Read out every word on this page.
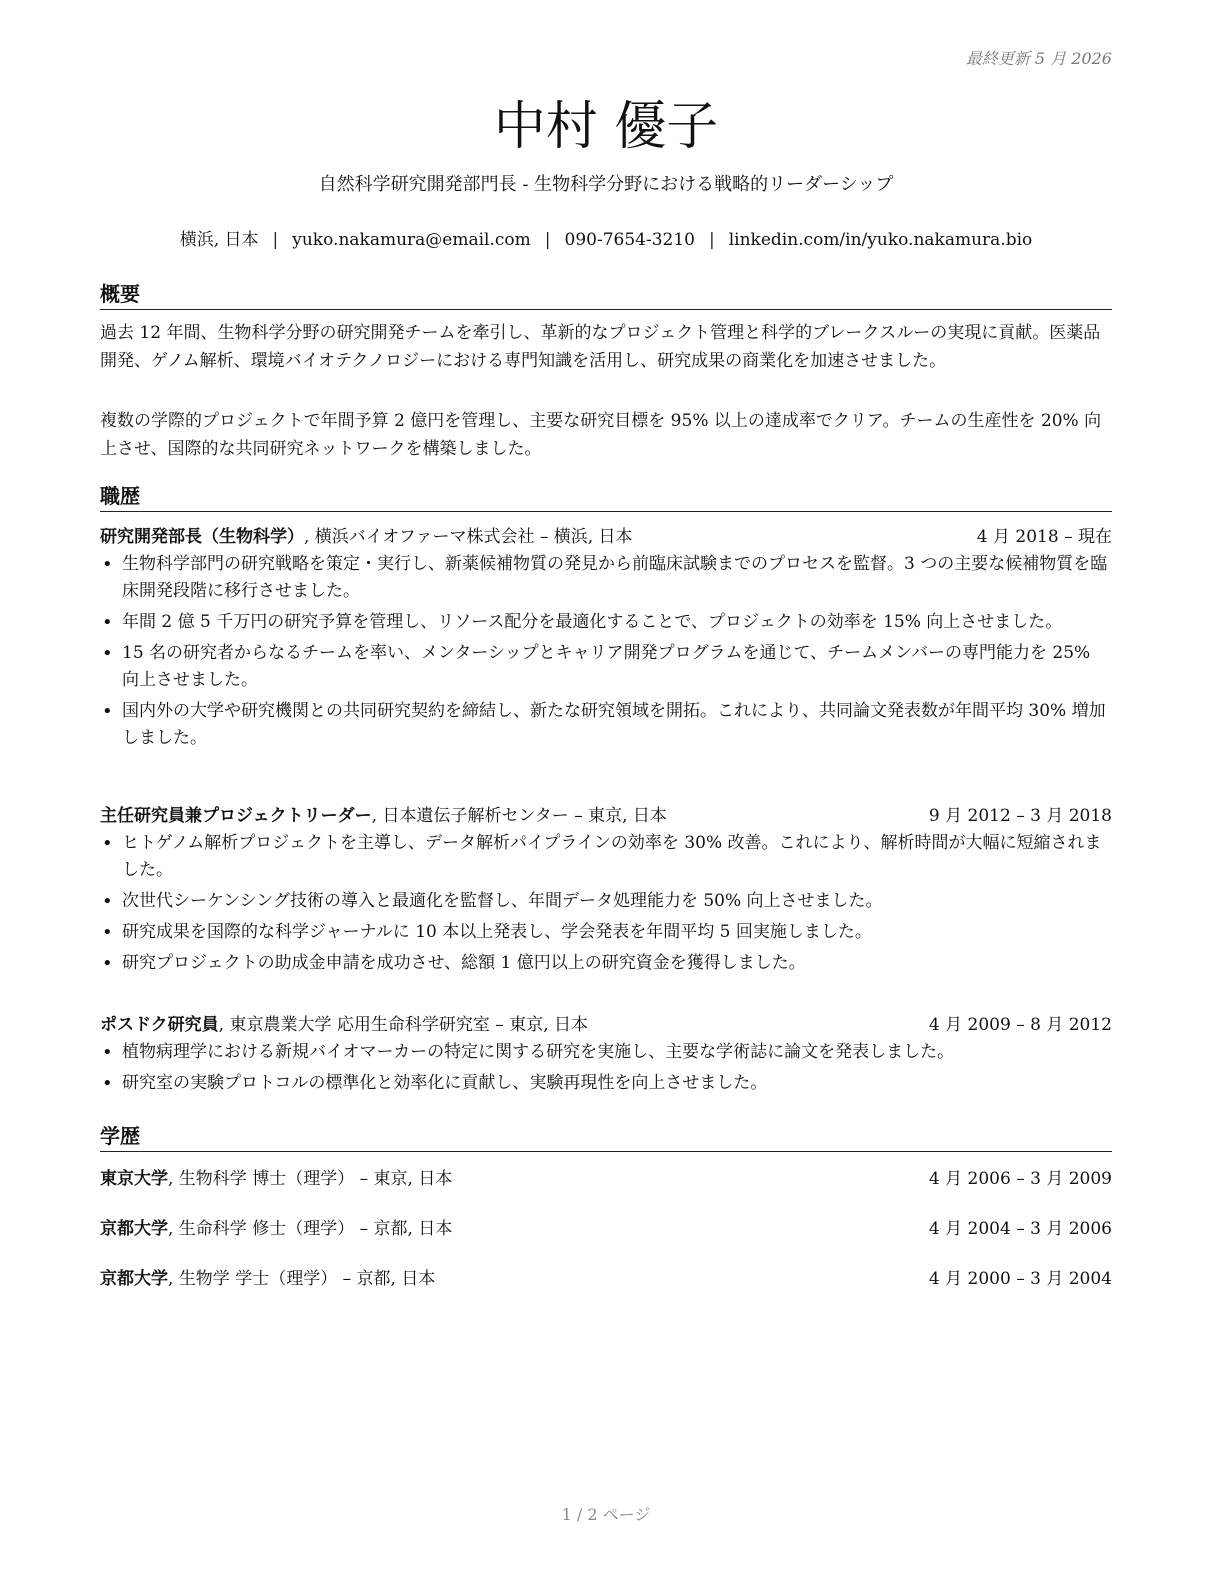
最終更新 5 月 2026
中村 優子
自然科学研究開発部門長 - 生物科学分野における戦略的リーダーシップ
横浜, 日本 | yuko.nakamura@email.com | 090-7654-3210 | linkedin.com/in/yuko.nakamura.bio
概要

過去 12 年間、生物科学分野の研究開発チームを牽引し、革新的なプロジェクト管理と科学的ブレークスルーの実現に貢献。医薬品開発、ゲノム解析、環境バイオテクノロジーにおける専門知識を活用し、研究成果の商業化を加速させました。

複数の学際的プロジェクトで年間予算 2 億円を管理し、主要な研究目標を 95% 以上の達成率でクリア。チームの生産性を 20% 向上させ、国際的な共同研究ネットワークを構築しました。

職歴
研究開発部長（生物科学）, 横浜バイオファーマ株式会社 – 横浜, 日本	4 月 2018 – 現在
• 生物科学部門の研究戦略を策定・実行し、新薬候補物質の発見から前臨床試験までのプロセスを監督。3 つの主要な候補物質を臨床開発段階に移行させました。
• 年間 2 億 5 千万円の研究予算を管理し、リソース配分を最適化することで、プロジェクトの効率を 15% 向上させました。
• 15 名の研究者からなるチームを率い、メンターシップとキャリア開発プログラムを通じて、チームメンバーの専門能力を 25% 向上させました。
• 国内外の大学や研究機関との共同研究契約を締結し、新たな研究領域を開拓。これにより、共同論文発表数が年間平均 30% 増加しました。
主任研究員兼プロジェクトリーダー, 日本遺伝子解析センター – 東京, 日本	9 月 2012 – 3 月 2018
• ヒトゲノム解析プロジェクトを主導し、データ解析パイプラインの効率を 30% 改善。これにより、解析時間が大幅に短縮されました。
• 次世代シーケンシング技術の導入と最適化を監督し、年間データ処理能力を 50% 向上させました。
• 研究成果を国際的な科学ジャーナルに 10 本以上発表し、学会発表を年間平均 5 回実施しました。
• 研究プロジェクトの助成金申請を成功させ、総額 1 億円以上の研究資金を獲得しました。
ポスドク研究員, 東京農業大学 応用生命科学研究室 – 東京, 日本	4 月 2009 – 8 月 2012
• 植物病理学における新規バイオマーカーの特定に関する研究を実施し、主要な学術誌に論文を発表しました。
• 研究室の実験プロトコルの標準化と効率化に貢献し、実験再現性を向上させました。
学歴
東京大学, 生物科学 博士（理学） – 東京, 日本	4 月 2006 – 3 月 2009
京都大学, 生命科学 修士（理学） – 京都, 日本	4 月 2004 – 3 月 2006
京都大学, 生物学 学士（理学） – 京都, 日本	4 月 2000 – 3 月 2004
1 / 2 ページ
